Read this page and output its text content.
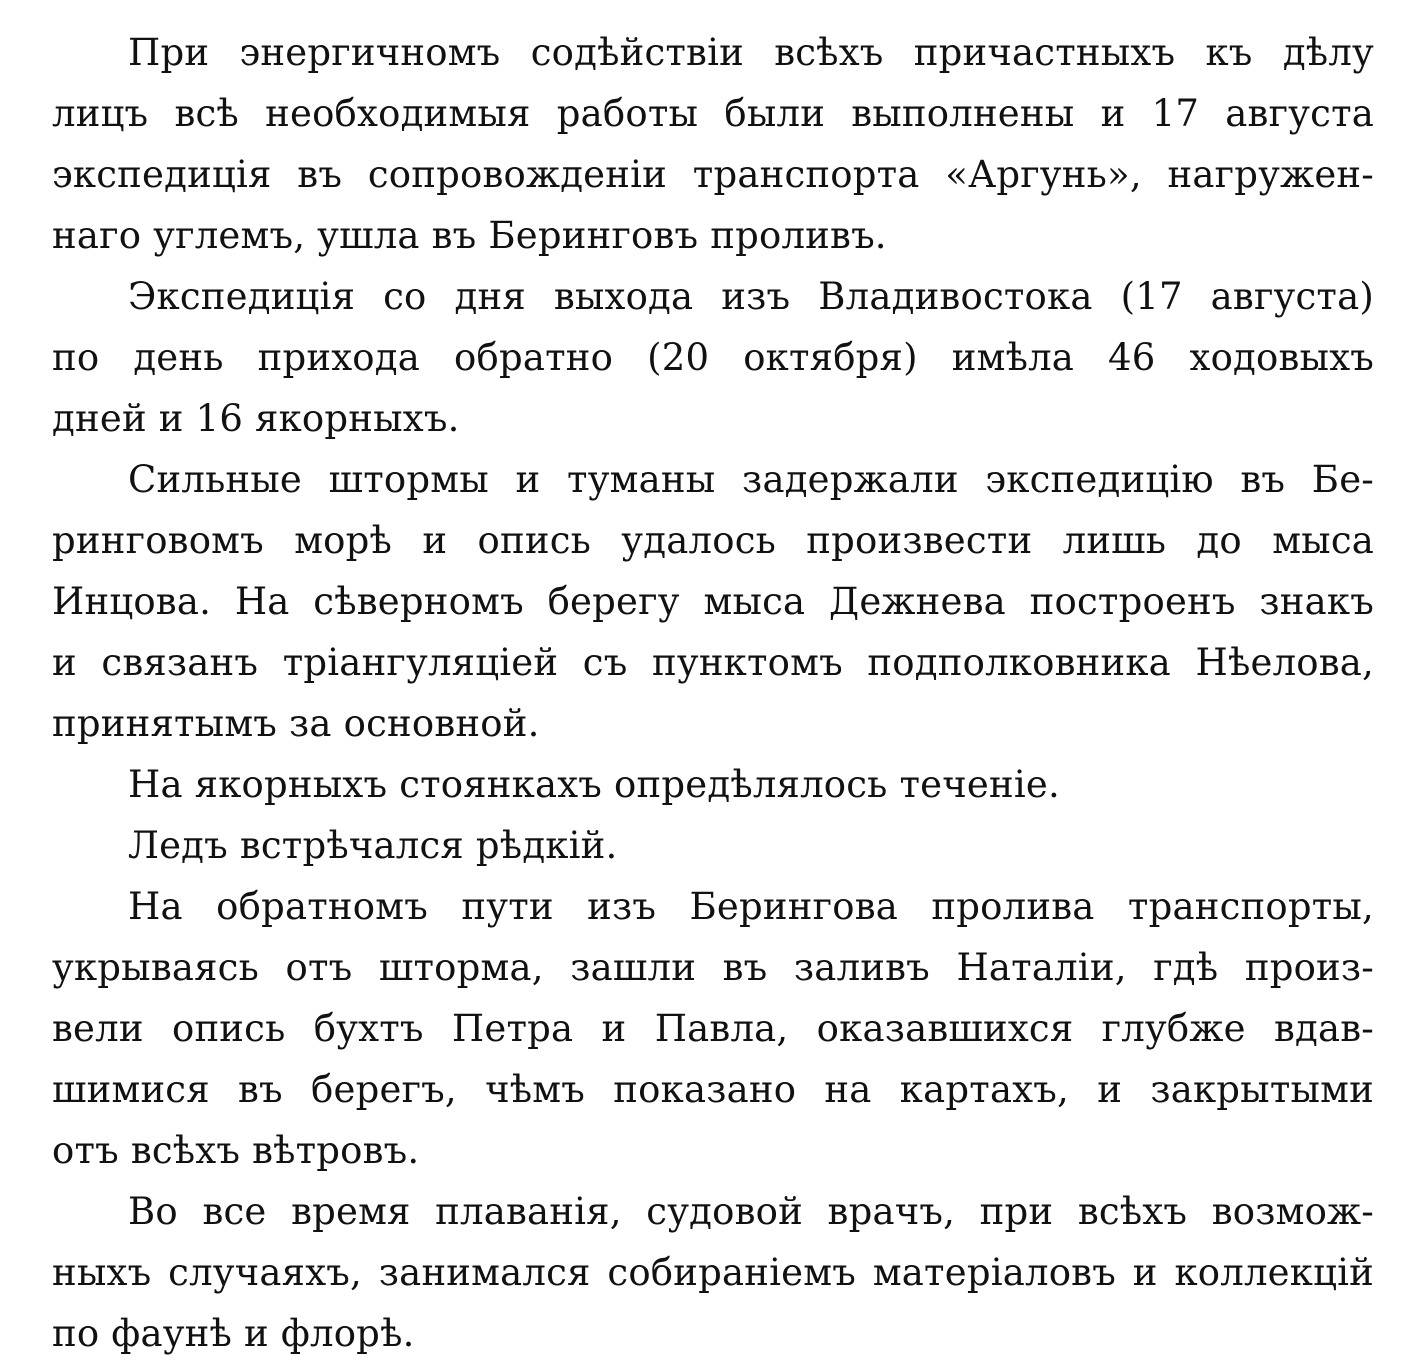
При энергичномъ содѣйствіи всѣхъ причастныхъ къ дѣлу
лицъ всѣ необходимыя работы были выполнены и 17 августа
экспедиція въ сопровожденіи транспорта «Аргунь», нагружен-
наго углемъ, ушла въ Беринговъ проливъ.
Экспедиція со дня выхода изъ Владивостока (17 августа)
по день прихода обратно (20 октября) имѣла 46 ходовыхъ
дней и 16 якорныхъ.
Сильные штормы и туманы задержали экспедицію въ Бе-
ринговомъ морѣ и опись удалось произвести лишь до мыса
Инцова. На сѣверномъ берегу мыса Дежнева построенъ знакъ
и связанъ тріангуляціей съ пунктомъ подполковника Нѣелова,
принятымъ за основной.
На якорныхъ стоянкахъ опредѣлялось теченіе.
Ледъ встрѣчался рѣдкій.
На обратномъ пути изъ Берингова пролива транспорты,
укрываясь отъ шторма, зашли въ заливъ Наталіи, гдѣ произ-
вели опись бухтъ Петра и Павла, оказавшихся глубже вдав-
шимися въ берегъ, чѣмъ показано на картахъ, и закрытыми
отъ всѣхъ вѣтровъ.
Во все время плаванія, судовой врачъ, при всѣхъ возмож-
ныхъ случаяхъ, занимался собираніемъ матеріаловъ и коллекцій
по фаунѣ и флорѣ.
